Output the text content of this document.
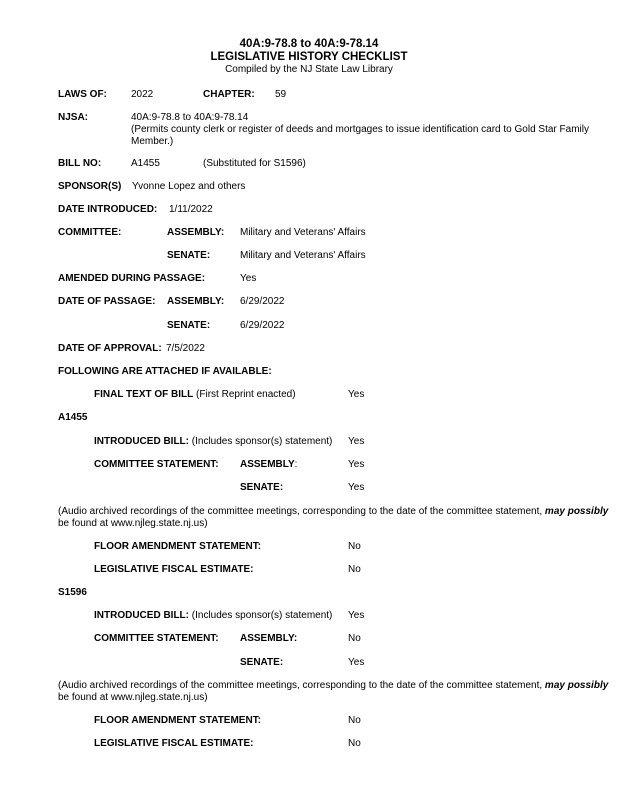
40A:9-78.8 to 40A:9-78.14
LEGISLATIVE HISTORY CHECKLIST
Compiled by the NJ State Law Library
LAWS OF: 2022	CHAPTER: 59
NJSA:	40A:9-78.8 to 40A:9-78.14
(Permits county clerk or register of deeds and mortgages to issue identification card to Gold Star Family Member.)
BILL NO:	A1455	(Substituted for S1596)
SPONSOR(S) Yvonne Lopez and others
DATE INTRODUCED: 1/11/2022
COMMITTEE:	ASSEMBLY: Military and Veterans' Affairs
SENATE:	Military and Veterans' Affairs
AMENDED DURING PASSAGE:	Yes
DATE OF PASSAGE: ASSEMBLY: 6/29/2022
SENATE:	6/29/2022
DATE OF APPROVAL: 7/5/2022
FOLLOWING ARE ATTACHED IF AVAILABLE:
FINAL TEXT OF BILL (First Reprint enacted)	Yes
A1455
INTRODUCED BILL: (Includes sponsor(s) statement) Yes
COMMITTEE STATEMENT: ASSEMBLY:	Yes
SENATE:	Yes
(Audio archived recordings of the committee meetings, corresponding to the date of the committee statement, may possibly
be found at www.njleg.state.nj.us)
FLOOR AMENDMENT STATEMENT:	No
LEGISLATIVE FISCAL ESTIMATE:	No
S1596
INTRODUCED BILL: (Includes sponsor(s) statement) Yes
COMMITTEE STATEMENT: ASSEMBLY:	No
SENATE:	Yes
(Audio archived recordings of the committee meetings, corresponding to the date of the committee statement, may possibly
be found at www.njleg.state.nj.us)
FLOOR AMENDMENT STATEMENT:	No
LEGISLATIVE FISCAL ESTIMATE:	No
